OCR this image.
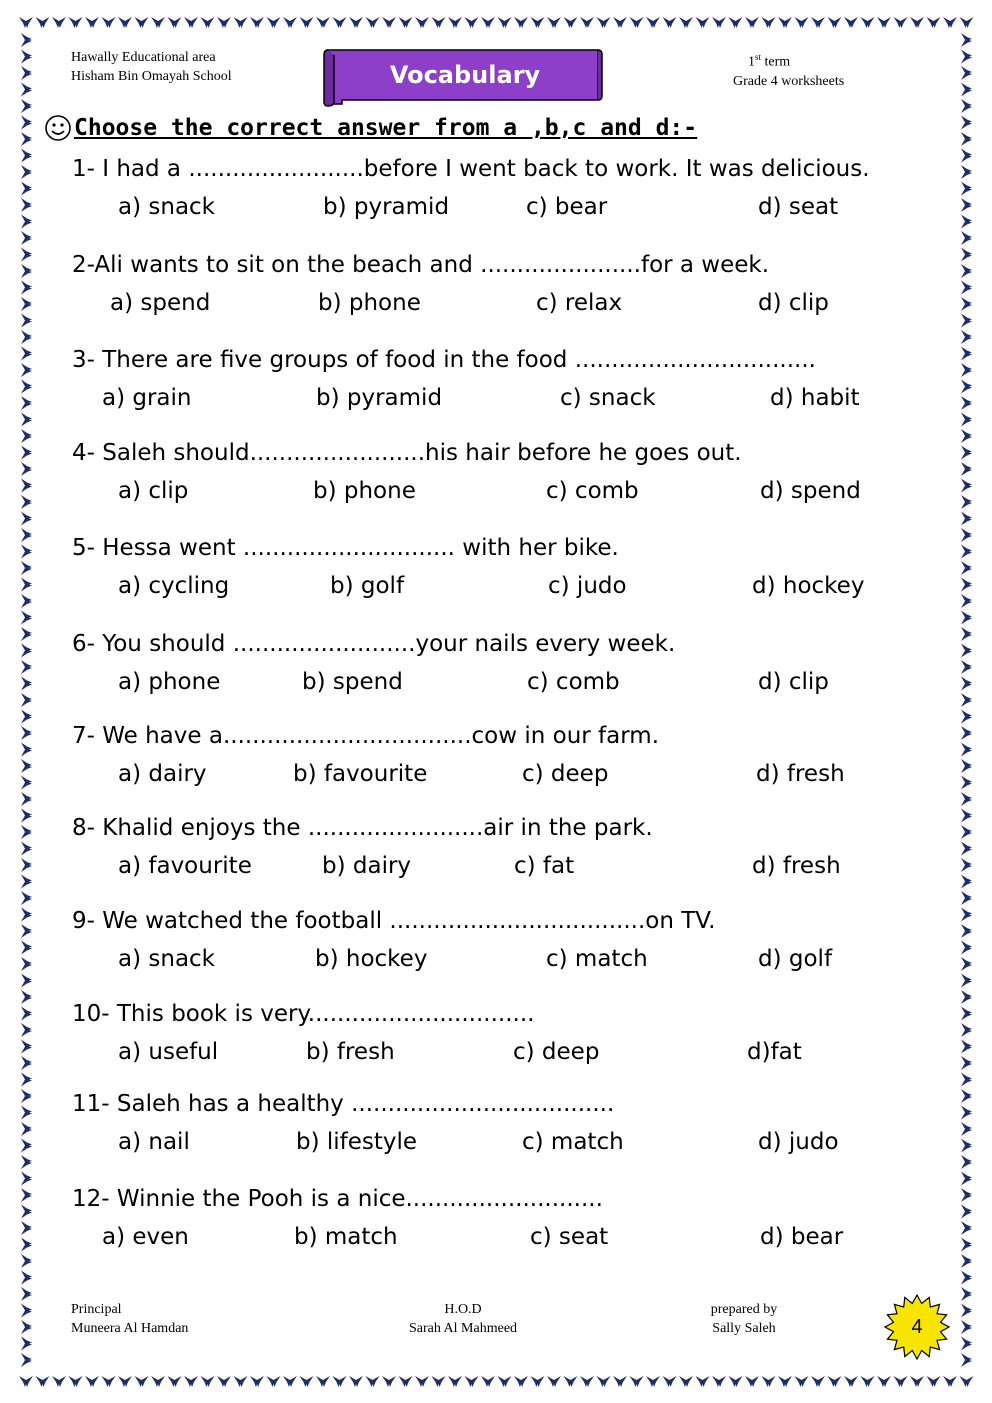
Hawally Educational area
Hisham Bin Omayah School	Vocabulary	1st term
Grade 4 worksheets
Choose the correct answer from a ,b,c and d:-
1- I had a ........................before I went back to work. It was delicious.
a) snack	b) pyramid	c) bear	d) seat
2-Ali wants to sit on the beach and ......................for a week.
a) spend	b) phone	c) relax	d) clip
3- There are five groups of food in the food .................................
a) grain	b) pyramid	c) snack	d) habit
4- Saleh should........................his hair before he goes out.
a) clip	b) phone	c) comb	d) spend
5- Hessa went ............................. with her bike.
a) cycling	b) golf	c) judo	d) hockey
6- You should .........................your nails every week.
a) phone	b) spend	c) comb	d) clip
7- We have a..................................cow in our farm.
a) dairy	b) favourite	c) deep	d) fresh
8- Khalid enjoys the ........................air in the park.
a) favourite	b) dairy	c) fat	d) fresh
9- We watched the football ...................................on TV.
a) snack	b) hockey	c) match	d) golf
10- This book is very...............................
a) useful	b) fresh	c) deep	d)fat
11- Saleh has a healthy ....................................
a) nail	b) lifestyle	c) match	d) judo
12- Winnie the Pooh is a nice...........................
a) even	b) match	c) seat	d) bear
Principal
Muneera Al Hamdan
H.O.D
Sarah Al Mahmeed
prepared by
Sally Saleh	4
